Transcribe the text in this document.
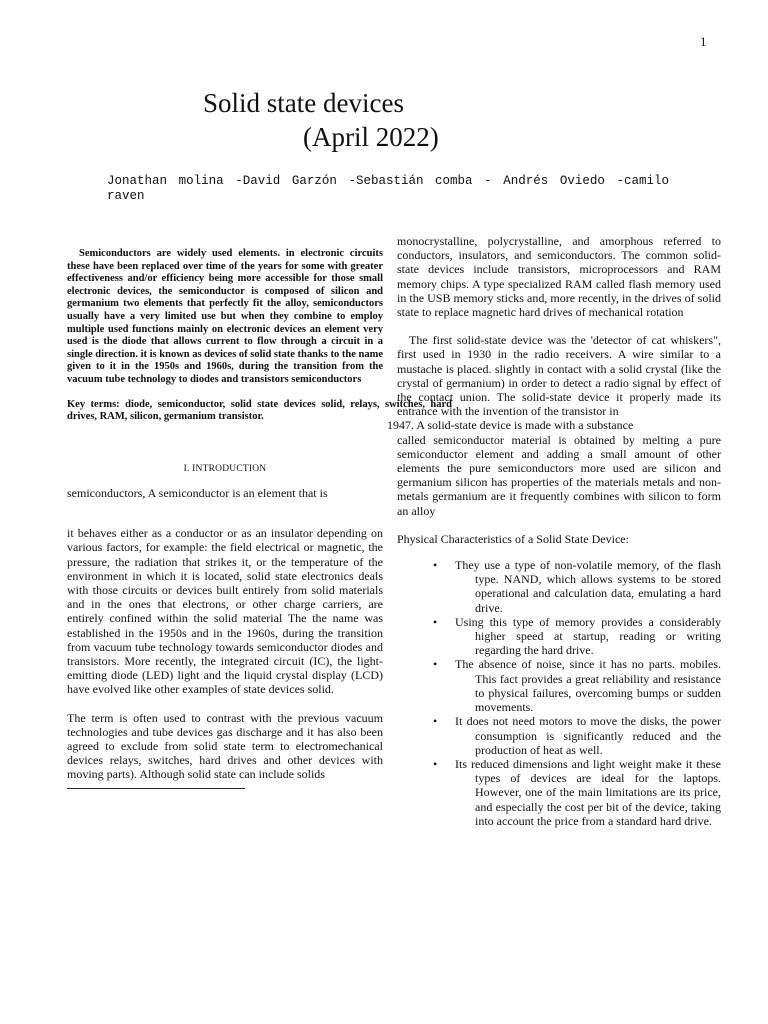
1
Solid state devices
(April 2022)
Jonathan molina -David Garzón -Sebastián comba - Andrés Oviedo -camilo raven

Semiconductors are widely used elements. in electronic circuits these have been replaced over time of the years for some with greater effectiveness and/or efficiency being more accessible for those small electronic devices, the semiconductor is composed of silicon and germanium two elements that perfectly fit the alloy, semiconductors usually have a very limited use but when they combine to employ multiple used functions mainly on electronic devices an element very used is the diode that allows current to flow through a circuit in a single direction. it is known as devices of solid state thanks to the name given to it in the 1950s and 1960s, during the transition from the vacuum tube technology to diodes and transistors semiconductors

Key terms: diode, semiconductor, solid state devices solid, relays, switches, hard drives, RAM, silicon, germanium transistor.

I. INTRODUCTION

semiconductors, A semiconductor is an element that is

it behaves either as a conductor or as an insulator depending on various factors, for example: the field electrical or magnetic, the pressure, the radiation that strikes it, or the temperature of the environment in which it is located, solid state electronics deals with those circuits or devices built entirely from solid materials and in the ones that electrons, or other charge carriers, are entirely confined within the solid material The the name was established in the 1950s and in the 1960s, during the transition from vacuum tube technology towards semiconductor diodes and transistors. More recently, the integrated circuit (IC), the light-emitting diode (LED) light and the liquid crystal display (LCD) have evolved like other examples of state devices solid.

The term is often used to contrast with the previous vacuum technologies and tube devices gas discharge and it has also been agreed to exclude from solid state term to electromechanical devices relays, switches, hard drives and other devices with moving parts). Although solid state can include solids

monocrystalline, polycrystalline, and amorphous referred to conductors, insulators, and semiconductors. The common solid-state devices include transistors, microprocessors and RAM memory chips. A type specialized RAM called flash memory used in the USB memory sticks and, more recently, in the drives of solid state to replace magnetic hard drives of mechanical rotation

The first solid-state device was the 'detector of cat whiskers", first used in 1930 in the radio receivers. A wire similar to a mustache is placed. slightly in contact with a solid crystal (like the crystal of germanium) in order to detect a radio signal by effect of the contact union. The solid-state device it properly made its entrance with the invention of the transistor in

1947. A solid-state device is made with a substance

called semiconductor material is obtained by melting a pure semiconductor element and adding a small amount of other elements the pure semiconductors more used are silicon and germanium silicon has properties of the materials metals and non-metals germanium are it frequently combines with silicon to form an alloy

Physical Characteristics of a Solid State Device:

• They use a type of non-volatile memory, of the flash type. NAND, which allows systems to be stored operational and calculation data, emulating a hard drive.
• Using this type of memory provides a considerably higher speed at startup, reading or writing regarding the hard drive.
• The absence of noise, since it has no parts. mobiles. This fact provides a great reliability and resistance to physical failures, overcoming bumps or sudden movements.
• It does not need motors to move the disks, the power consumption is significantly reduced and the production of heat as well.
• Its reduced dimensions and light weight make it these types of devices are ideal for the laptops. However, one of the main limitations are its price, and especially the cost per bit of the device, taking into account the price from a standard hard drive.
